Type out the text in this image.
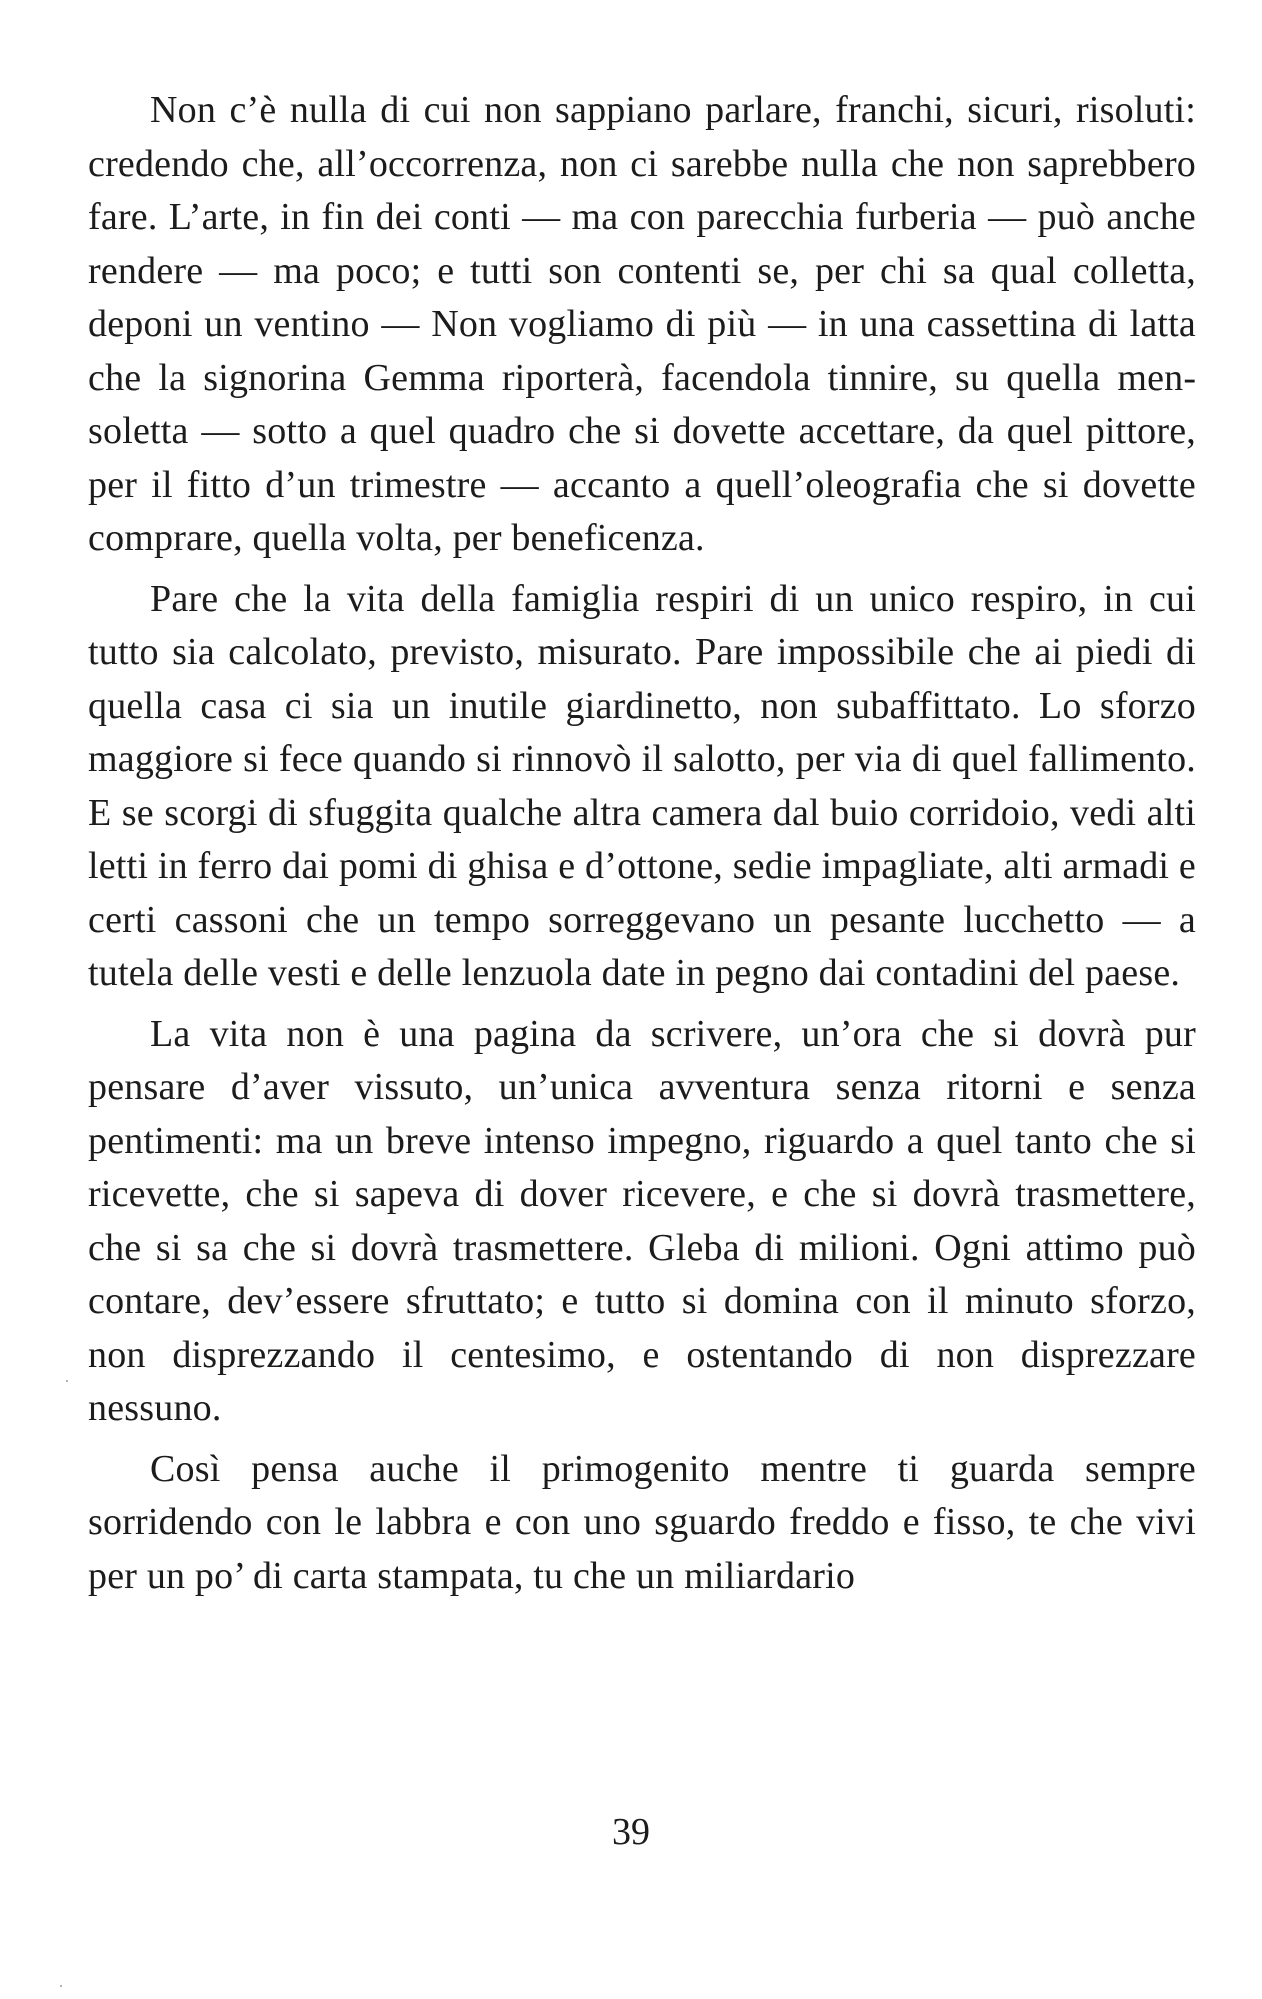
Non c’è nulla di cui non sappiano parlare, franchi, sicuri, risoluti: credendo che, all’occorrenza, non ci sarebbe nulla che non saprebbero fare. L’arte, in fin dei conti — ma con parecchia furberia — può anche rendere — ma poco; e tutti son contenti se, per chi sa qual colletta, deponi un ventino — Non vogliamo di più — in una cassettina di latta che la signorina Gemma riporterà, facendola tinnire, su quella mensoletta — sotto a quel quadro che si dovette accettare, da quel pittore, per il fitto d’un trimestre — accanto a quell’oleografia che si dovette comprare, quella volta, per beneficenza.

Pare che la vita della famiglia respiri di un unico respiro, in cui tutto sia calcolato, previsto, misurato. Pare impossibile che ai piedi di quella casa ci sia un inutile giardinetto, non subaffittato. Lo sforzo maggiore si fece quando si rinnovò il salotto, per via di quel fallimento. E se scorgi di sfuggita qualche altra camera dal buio corridoio, vedi alti letti in ferro dai pomi di ghisa e d’ottone, sedie impagliate, alti armadi e certi cassoni che un tempo sorreggevano un pesante lucchetto — a tutela delle vesti e delle lenzuola date in pegno dai contadini del paese.

La vita non è una pagina da scrivere, un’ora che si dovrà pur pensare d’aver vissuto, un’unica avventura senza ritorni e senza pentimenti: ma un breve intenso impegno, riguardo a quel tanto che si ricevette, che si sapeva di dover ricevere, e che si dovrà trasmettere, che si sa che si dovrà trasmettere. Gleba di milioni. Ogni attimo può contare, dev’essere sfruttato; e tutto si domina con il minuto sforzo, non disprezzando il centesimo, e ostentando di non disprezzare nessuno.

Così pensa auche il primogenito mentre ti guarda sempre sorridendo con le labbra e con uno sguardo freddo e fisso, te che vivi per un po’ di carta stampata, tu che un miliardario

39
